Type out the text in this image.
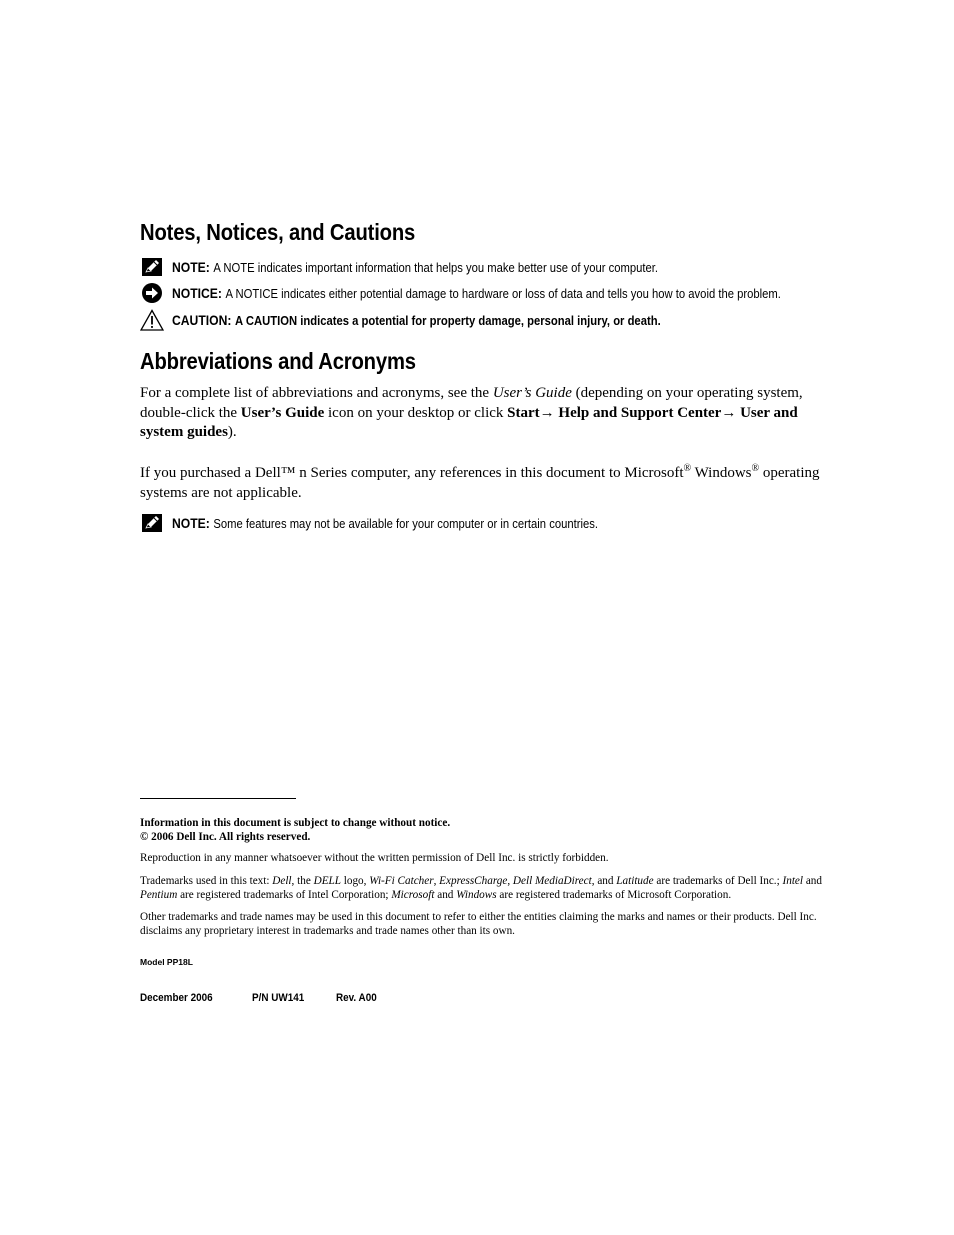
Notes, Notices, and Cautions
NOTE: A NOTE indicates important information that helps you make better use of your computer.
NOTICE: A NOTICE indicates either potential damage to hardware or loss of data and tells you how to avoid the problem.
CAUTION: A CAUTION indicates a potential for property damage, personal injury, or death.
Abbreviations and Acronyms
For a complete list of abbreviations and acronyms, see the User’s Guide (depending on your operating system, double-click the User’s Guide icon on your desktop or click Start→ Help and Support Center→ User and system guides).
If you purchased a Dell™ n Series computer, any references in this document to Microsoft® Windows® operating systems are not applicable.
NOTE: Some features may not be available for your computer or in certain countries.
Information in this document is subject to change without notice.
© 2006 Dell Inc. All rights reserved.
Reproduction in any manner whatsoever without the written permission of Dell Inc. is strictly forbidden.
Trademarks used in this text: Dell, the DELL logo, Wi-Fi Catcher, ExpressCharge, Dell MediaDirect, and Latitude are trademarks of Dell Inc.; Intel and Pentium are registered trademarks of Intel Corporation; Microsoft and Windows are registered trademarks of Microsoft Corporation.
Other trademarks and trade names may be used in this document to refer to either the entities claiming the marks and names or their products. Dell Inc. disclaims any proprietary interest in trademarks and trade names other than its own.
Model PP18L
December 2006	P/N UW141	Rev. A00
